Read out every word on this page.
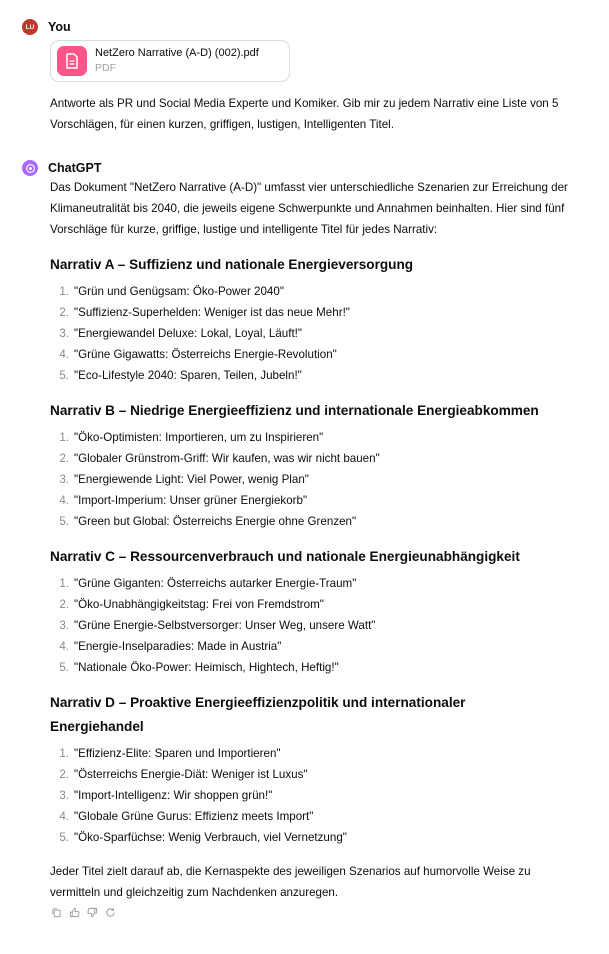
LU You
NetZero Narrative (A-D) (002).pdf
PDF
Antworte als PR und Social Media Experte und Komiker. Gib mir zu jedem Narrativ eine Liste von 5 Vorschlägen, für einen kurzen, griffigen, lustigen, Intelligenten Titel.
ChatGPT
Das Dokument "NetZero Narrative (A-D)" umfasst vier unterschiedliche Szenarien zur Erreichung der Klimaneutralität bis 2040, die jeweils eigene Schwerpunkte und Annahmen beinhalten. Hier sind fünf Vorschläge für kurze, griffige, lustige und intelligente Titel für jedes Narrativ:
Narrativ A – Suffizienz und nationale Energieversorgung
1. "Grün und Genügsam: Öko-Power 2040"
2. "Suffizienz-Superhelden: Weniger ist das neue Mehr!"
3. "Energiewandel Deluxe: Lokal, Loyal, Läuft!"
4. "Grüne Gigawatts: Österreichs Energie-Revolution"
5. "Eco-Lifestyle 2040: Sparen, Teilen, Jubeln!"
Narrativ B – Niedrige Energieeffizienz und internationale Energieabkommen
1. "Öko-Optimisten: Importieren, um zu Inspirieren"
2. "Globaler Grünstrom-Griff: Wir kaufen, was wir nicht bauen"
3. "Energiewende Light: Viel Power, wenig Plan"
4. "Import-Imperium: Unser grüner Energiekorb"
5. "Green but Global: Österreichs Energie ohne Grenzen"
Narrativ C – Ressourcenverbrauch und nationale Energieunabhängigkeit
1. "Grüne Giganten: Österreichs autarker Energie-Traum"
2. "Öko-Unabhängigkeitstag: Frei von Fremdstrom"
3. "Grüne Energie-Selbstversorger: Unser Weg, unsere Watt"
4. "Energie-Inselparadies: Made in Austria"
5. "Nationale Öko-Power: Heimisch, Hightech, Heftig!"
Narrativ D – Proaktive Energieeffizienzpolitik und internationaler Energiehandel
1. "Effizienz-Elite: Sparen und Importieren"
2. "Österreichs Energie-Diät: Weniger ist Luxus"
3. "Import-Intelligenz: Wir shoppen grün!"
4. "Globale Grüne Gurus: Effizienz meets Import"
5. "Öko-Sparfüchse: Wenig Verbrauch, viel Vernetzung"
Jeder Titel zielt darauf ab, die Kernaspekte des jeweiligen Szenarios auf humorvolle Weise zu vermitteln und gleichzeitig zum Nachdenken anzuregen.
